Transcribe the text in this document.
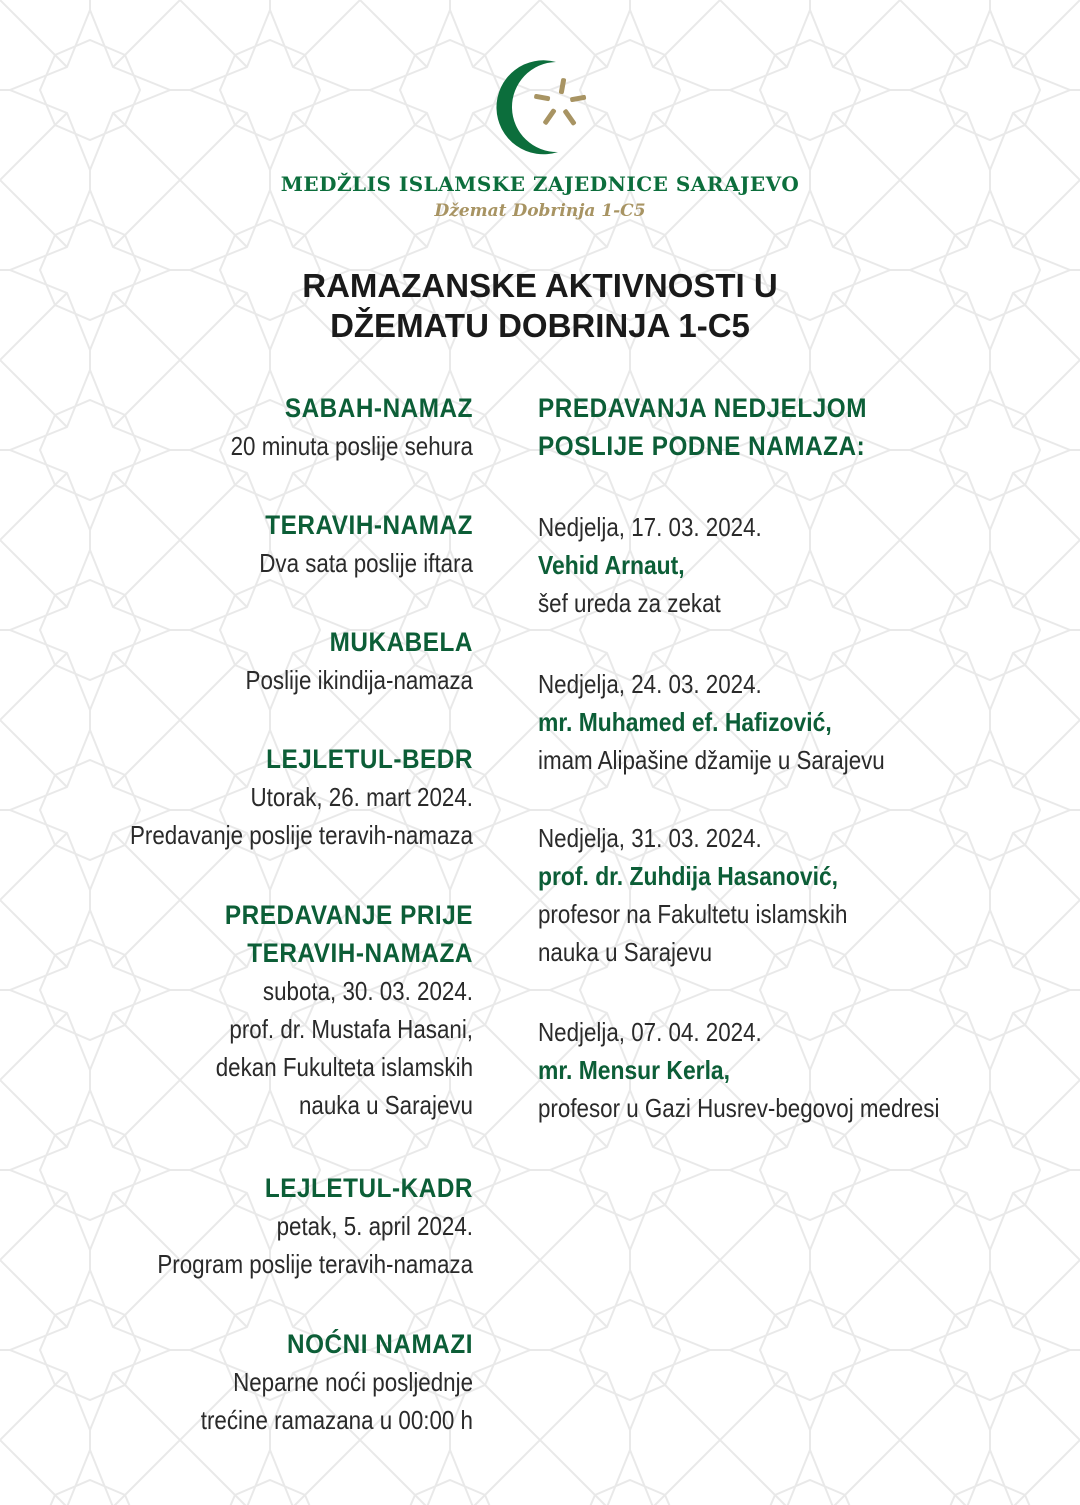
MEDŽLIS ISLAMSKE ZAJEDNICE SARAJEVO
Džemat Dobrinja 1-C5
RAMAZANSKE AKTIVNOSTI U
DŽEMATU DOBRINJA 1-C5
SABAH-NAMAZ
20 minuta poslije sehura
TERAVIH-NAMAZ
Dva sata poslije iftara
MUKABELA
Poslije ikindija-namaza
LEJLETUL-BEDR
Utorak, 26. mart 2024.
Predavanje poslije teravih-namaza
PREDAVANJE PRIJE
TERAVIH-NAMAZA
subota, 30. 03. 2024.
prof. dr. Mustafa Hasani,
dekan Fukulteta islamskih
nauka u Sarajevu
LEJLETUL-KADR
petak, 5. april 2024.
Program poslije teravih-namaza
NOĆNI NAMAZI
Neparne noći posljednje
trećine ramazana u 00:00 h
PREDAVANJA NEDJELJOM
POSLIJE PODNE NAMAZA:
Nedjelja, 17. 03. 2024.
Vehid Arnaut,
šef ureda za zekat
Nedjelja, 24. 03. 2024.
mr. Muhamed ef. Hafizović,
imam Alipašine džamije u Sarajevu
Nedjelja, 31. 03. 2024.
prof. dr. Zuhdija Hasanović,
profesor na Fakultetu islamskih
nauka u Sarajevu
Nedjelja, 07. 04. 2024.
mr. Mensur Kerla,
profesor u Gazi Husrev-begovoj medresi
